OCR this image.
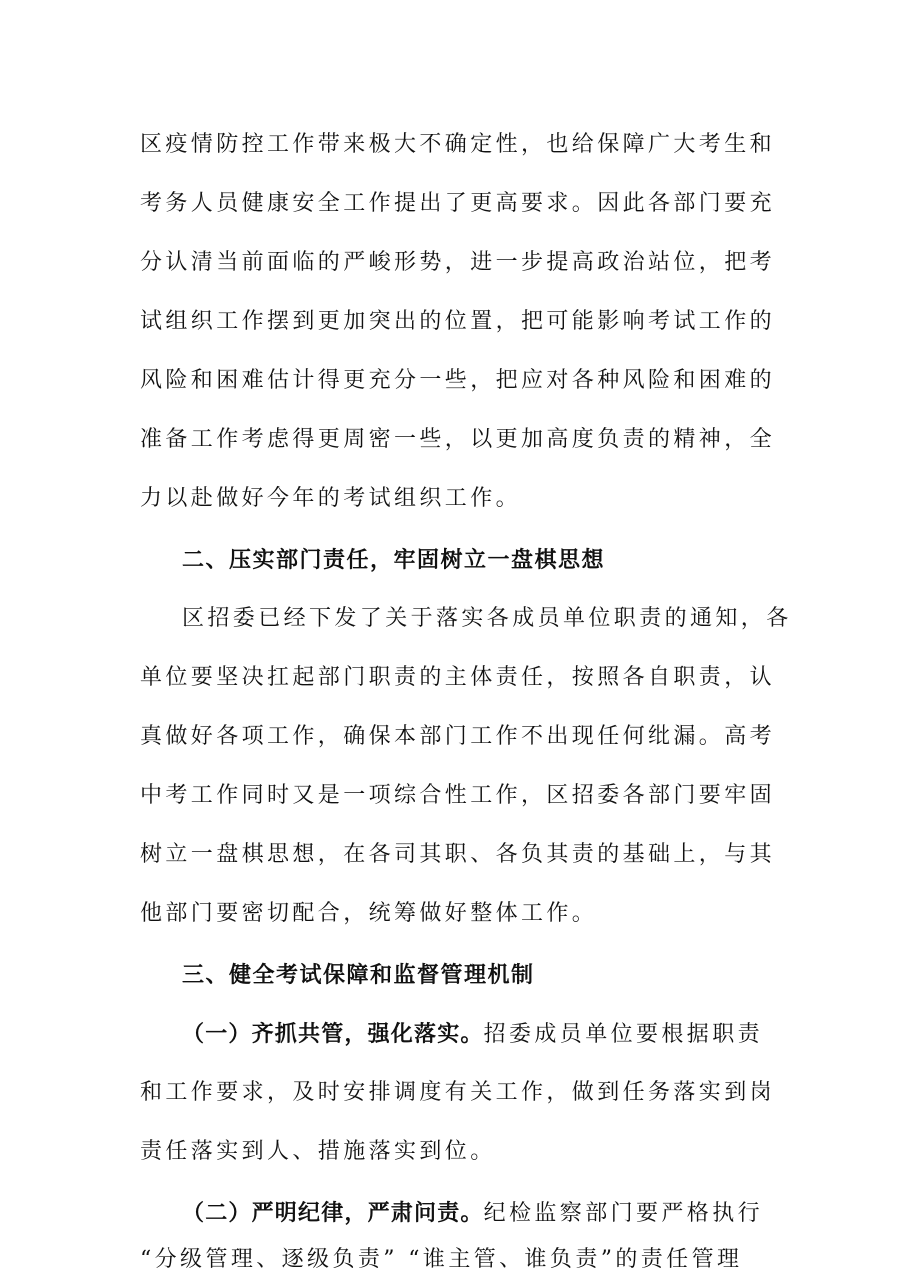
区疫情防控工作带来极大不确定性，也给保障广大考生和
考务人员健康安全工作提出了更高要求。因此各部门要充
分认清当前面临的严峻形势，进一步提高政治站位，把考
试组织工作摆到更加突出的位置，把可能影响考试工作的
风险和困难估计得更充分一些，把应对各种风险和困难的
准备工作考虑得更周密一些，以更加高度负责的精神，全
力以赴做好今年的考试组织工作。
二、压实部门责任，牢固树立一盘棋思想
区招委已经下发了关于落实各成员单位职责的通知，各
单位要坚决扛起部门职责的主体责任，按照各自职责，认
真做好各项工作，确保本部门工作不出现任何纰漏。高考
中考工作同时又是一项综合性工作，区招委各部门要牢固
树立一盘棋思想，在各司其职、各负其责的基础上，与其
他部门要密切配合，统筹做好整体工作。
三、健全考试保障和监督管理机制
（一）齐抓共管，强化落实。招委成员单位要根据职责
和工作要求，及时安排调度有关工作，做到任务落实到岗
责任落实到人、措施落实到位。
（二）严明纪律，严肃问责。纪检监察部门要严格执行
“分级管理、逐级负责” “谁主管、谁负责”的责任管理
